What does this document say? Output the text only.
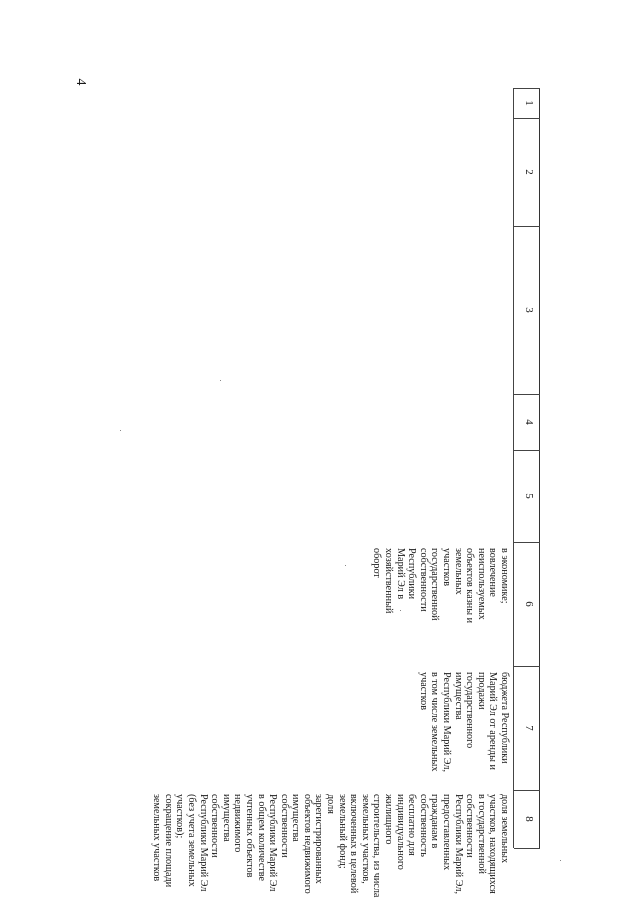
4
1
2
3
4
5
6
7
8
в экономике;
вовлечение
неиспользуемых
объектов казны и
земельных
участков
государственной
собственности
Республики
Марий Эл в
хозяйственный
оборот
бюджета Республики
Марий Эл от аренды и
продажи
государственного
имущества
Республики Марий Эл,
в том числе земельных
участков
доля земельных
участков, находящихся
в государственной
собственности
Республики Марий Эл,
предоставленных
гражданам в
собственность
бесплатно для
индивидуального
жилищного
строительства, из числа
земельных участков,
включенных в целевой
земельный фонд;
доля
зарегистрированных
объектов недвижимого
имущества
собственности
Республики Марий Эл
в общем количестве
учтенных объектов
недвижимого
имущества
собственности
Республики Марий Эл
(без учета земельных
участков);
сокращение площади
земельных участков
